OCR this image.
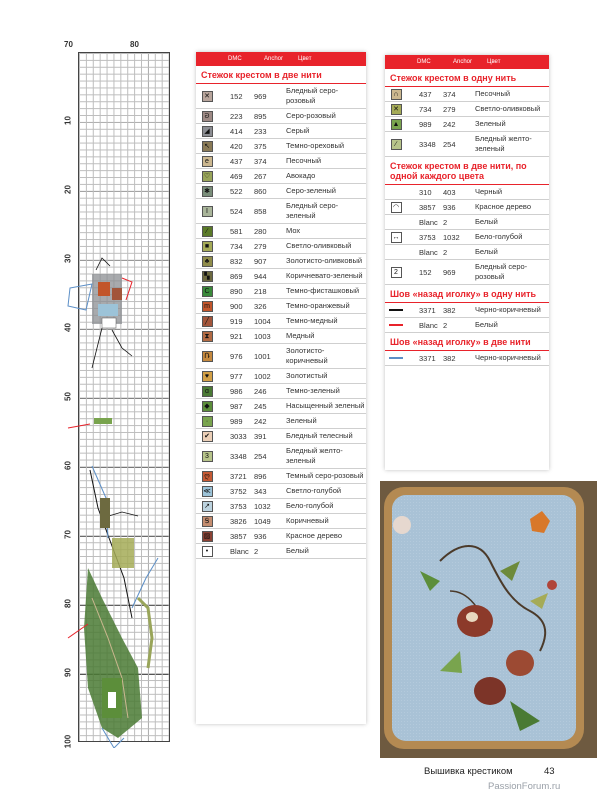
70	80
10
20
30
40
50
60
70
80
90
100
DMC	Anchor	Цвет
Стежок крестом в две нити
✕	152	969
Бледный серо-розовый
ᘐ	223	895	Серо-розовый
◢	414	233	Серый
↖	420	375	Темно-ореховый
e	437	374	Песочный
♡	469	267	Авокадо
✱	522	860	Серо-зеленый
I	524	858
Бледный серо-зеленый
∕	581	280	Мох
■	734	279	Светло-оливковый
♣	832	907	Золотисто-оливковый
▚	869	944	Коричневато-зеленый
C	890	218	Темно-фисташковый
m	900	326	Темно-оранжевый
╱	919	1004	Темно-медный
⧗	921	1003	Медный
Ռ	976	1001
Золотисто-коричневый
♥	977	1002	Золотистый
ɑ	986	246	Темно-зеленый
◆	987	245	Насыщенный зеленый
·	989	242	Зеленый
✔	3033 391	Бледный телесный
3	3348 254
Бледный желто-зеленый
ღ	3721 896	Темный серо-розовый
≪	3752 343	Светло-голубой
↗	3753 1032	Бело-голубой
Ꞩ	3826 1049	Коричневый
▨	3857 936	Красное дерево
•	Blanc 2	Белый
DMC	Anchor	Цвет
Стежок крестом в одну нить
∩	437	374	Песочный
✕	734	279	Светло-оливковый
▲	989	242	Зеленый
∕	3348 254
Бледный желто-зеленый
Стежок крестом в две нити, по одной каждого цвета
310	403	Черный
◠	3857 936	Красное дерево
Blanc 2	Белый
↔	3753 1032	Бело-голубой
Blanc 2	Белый
2	152	969
Бледный серо-розовый
Шов «назад иголку» в одну нить
3371 382	Черно-коричневый
Blanc 2	Белый
Шов «назад иголку» в две нити
3371 382	Черно-коричневый
Вышивка крестиком	43
PassionForum.ru
